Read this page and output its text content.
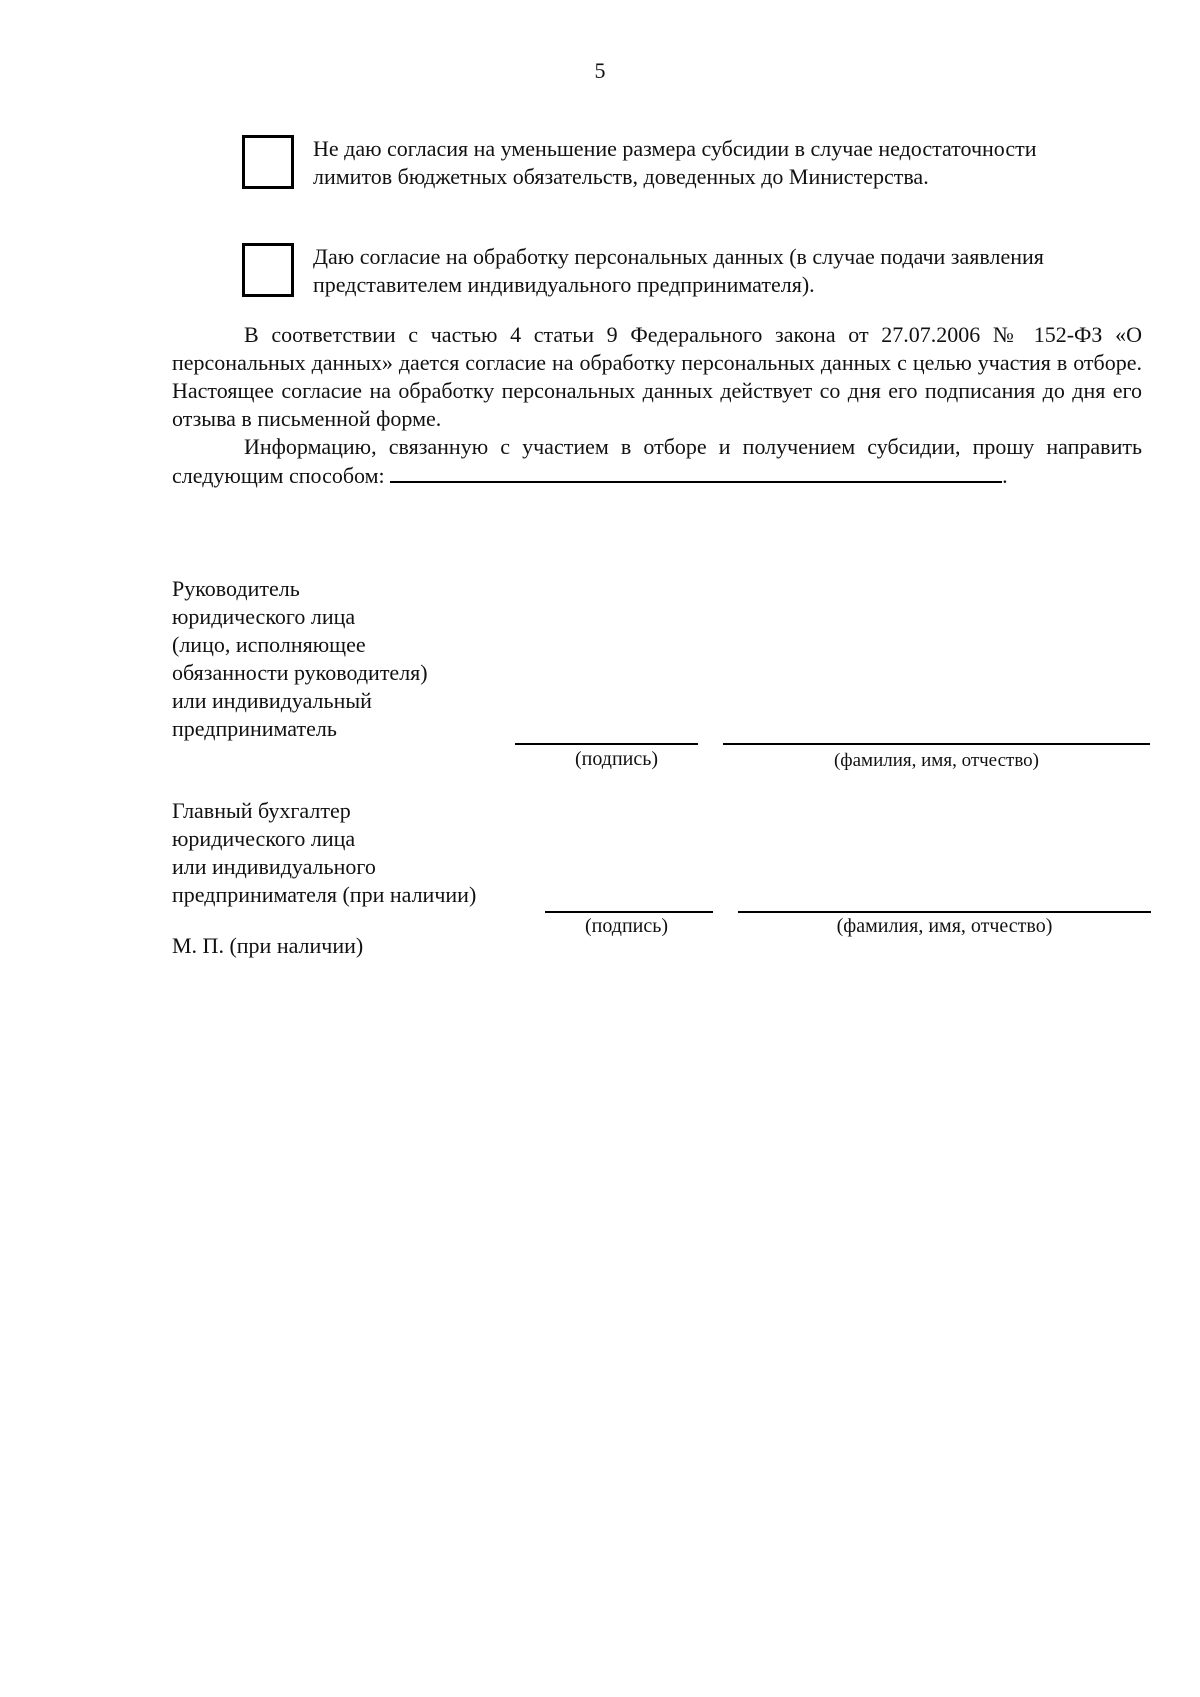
5
Не даю согласия на уменьшение размера субсидии в случае недостаточности
лимитов бюджетных обязательств, доведенных до Министерства.
Даю согласие на обработку персональных данных (в случае подачи заявления
представителем индивидуального предпринимателя).

В соответствии с частью 4 статьи 9 Федерального закона от 27.07.2006 № 152-ФЗ «О персональных данных» дается согласие на обработку персональных данных с целью участия в отборе. Настоящее согласие на обработку персональных данных действует со дня его подписания до дня его отзыва в письменной форме.

Информацию, связанную с участием в отборе и получением субсидии, прошу направить следующим способом:	.

Руководитель
юридического лица
(лицо, исполняющее
обязанности руководителя)
или индивидуальный
предприниматель
(подпись)	(фамилия, имя, отчество)
Главный бухгалтер
юридического лица
или индивидуального
предпринимателя (при наличии)
(подпись)	(фамилия, имя, отчество)
М. П. (при наличии)
